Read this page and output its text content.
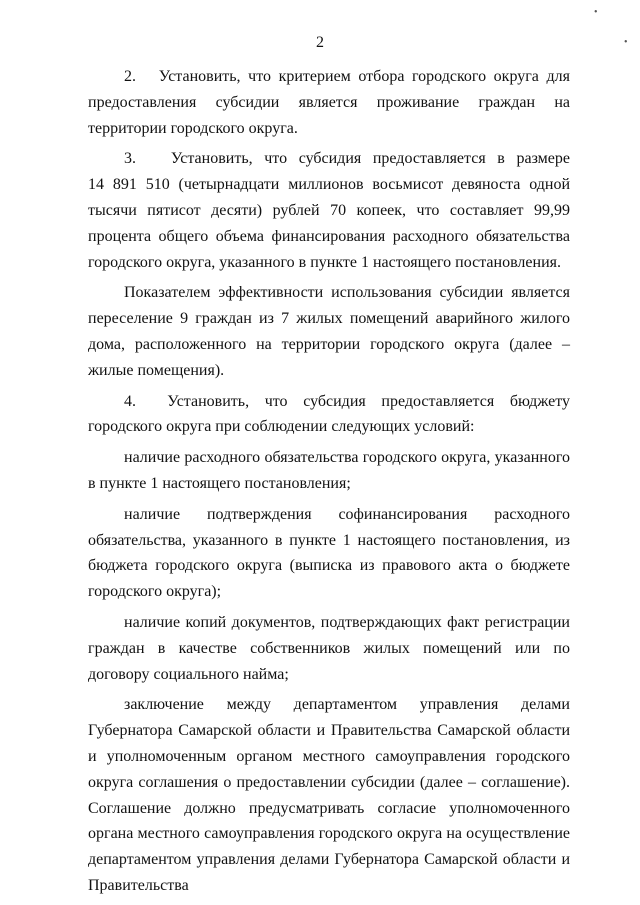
•
•
2

2.   Установить, что критерием отбора городского округа для предоставления субсидии является проживание граждан на территории городского округа.

3.   Установить, что субсидия предоставляется в размере 14 891 510 (четырнадцати миллионов восьмисот девяноста одной тысячи пятисот десяти) рублей 70 копеек, что составляет 99,99 процента общего объема финансирования расходного обязательства городского округа, указанного в пункте 1 настоящего постановления.

Показателем эффективности использования субсидии является переселение 9 граждан из 7 жилых помещений аварийного жилого дома, расположенного на территории городского округа (далее – жилые помещения).

4.  Установить, что субсидия предоставляется бюджету городского округа при соблюдении следующих условий:

наличие расходного обязательства городского округа, указанного в пункте 1 настоящего постановления;

наличие подтверждения софинансирования расходного обязательства, указанного в пункте 1 настоящего постановления, из бюджета городского округа (выписка из правового акта о бюджете городского округа);

наличие копий документов, подтверждающих факт регистрации граждан в качестве собственников жилых помещений или по договору социального найма;

заключение между департаментом управления делами Губернатора Самарской области и Правительства Самарской области и уполномоченным органом местного самоуправления городского округа соглашения о предоставлении субсидии (далее – соглашение). Соглашение должно предусматривать согласие уполномоченного органа местного самоуправления городского округа на осуществление департаментом управления делами Губернатора Самарской области и Правительства
